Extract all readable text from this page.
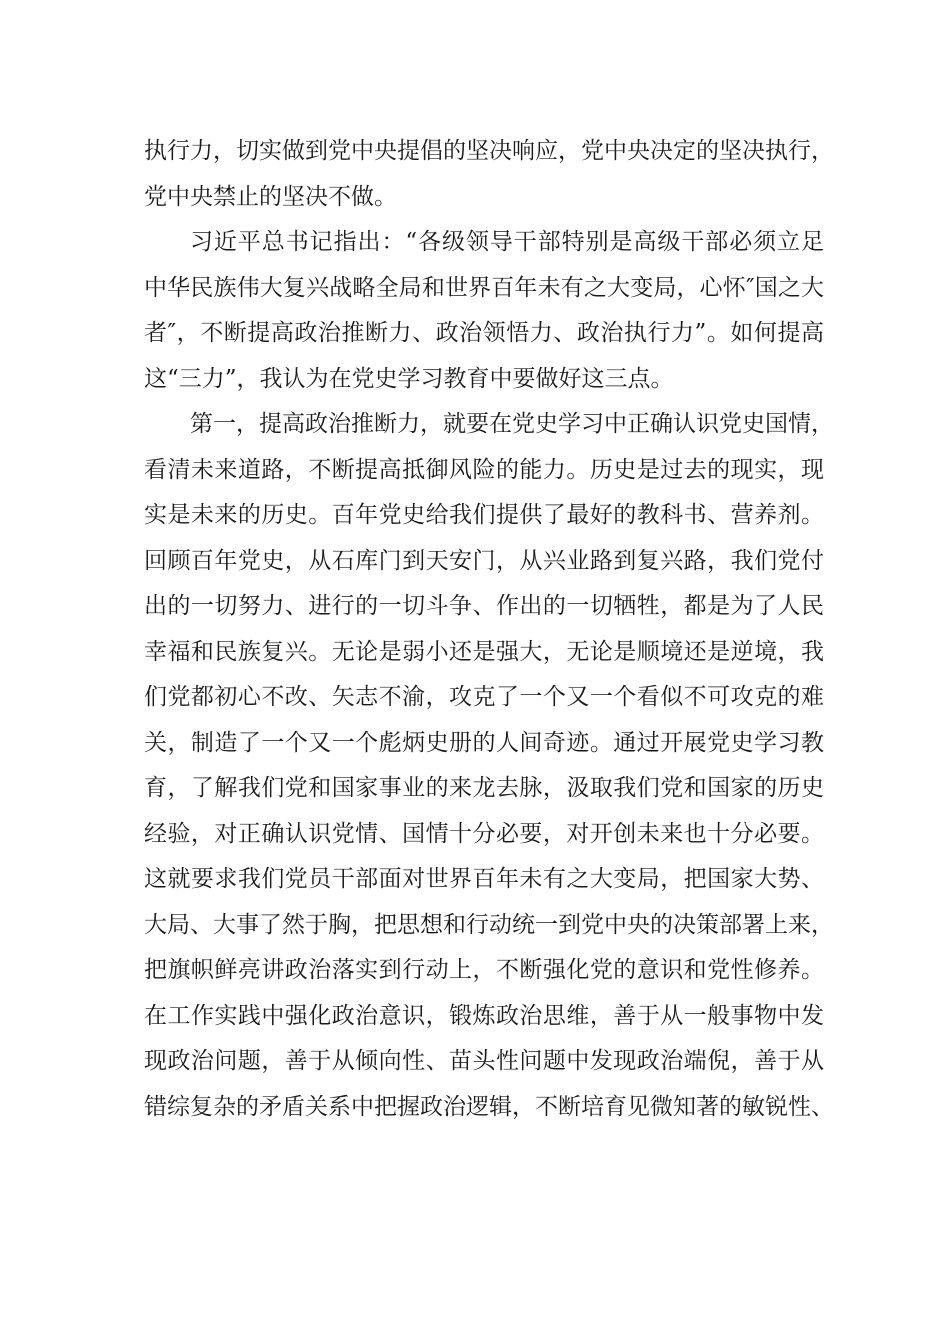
执行力，切实做到党中央提倡的坚决响应，党中央决定的坚决执行，
党中央禁止的坚决不做。
习近平总书记指出：“各级领导干部特别是高级干部必须立足
中华民族伟大复兴战略全局和世界百年未有之大变局，心怀″国之大
者″，不断提高政治推断力、政治领悟力、政治执行力”。如何提高
这“三力”，我认为在党史学习教育中要做好这三点。
第一，提高政治推断力，就要在党史学习中正确认识党史国情，
看清未来道路，不断提高抵御风险的能力。历史是过去的现实，现
实是未来的历史。百年党史给我们提供了最好的教科书、营养剂。
回顾百年党史，从石库门到天安门，从兴业路到复兴路，我们党付
出的一切努力、进行的一切斗争、作出的一切牺牲，都是为了人民
幸福和民族复兴。无论是弱小还是强大，无论是顺境还是逆境，我
们党都初心不改、矢志不渝，攻克了一个又一个看似不可攻克的难
关，制造了一个又一个彪炳史册的人间奇迹。通过开展党史学习教
育，了解我们党和国家事业的来龙去脉，汲取我们党和国家的历史
经验，对正确认识党情、国情十分必要，对开创未来也十分必要。
这就要求我们党员干部面对世界百年未有之大变局，把国家大势、
大局、大事了然于胸，把思想和行动统一到党中央的决策部署上来，
把旗帜鲜亮讲政治落实到行动上，不断强化党的意识和党性修养。
在工作实践中强化政治意识，锻炼政治思维，善于从一般事物中发
现政治问题，善于从倾向性、苗头性问题中发现政治端倪，善于从
错综复杂的矛盾关系中把握政治逻辑，不断培育见微知著的敏锐性、
